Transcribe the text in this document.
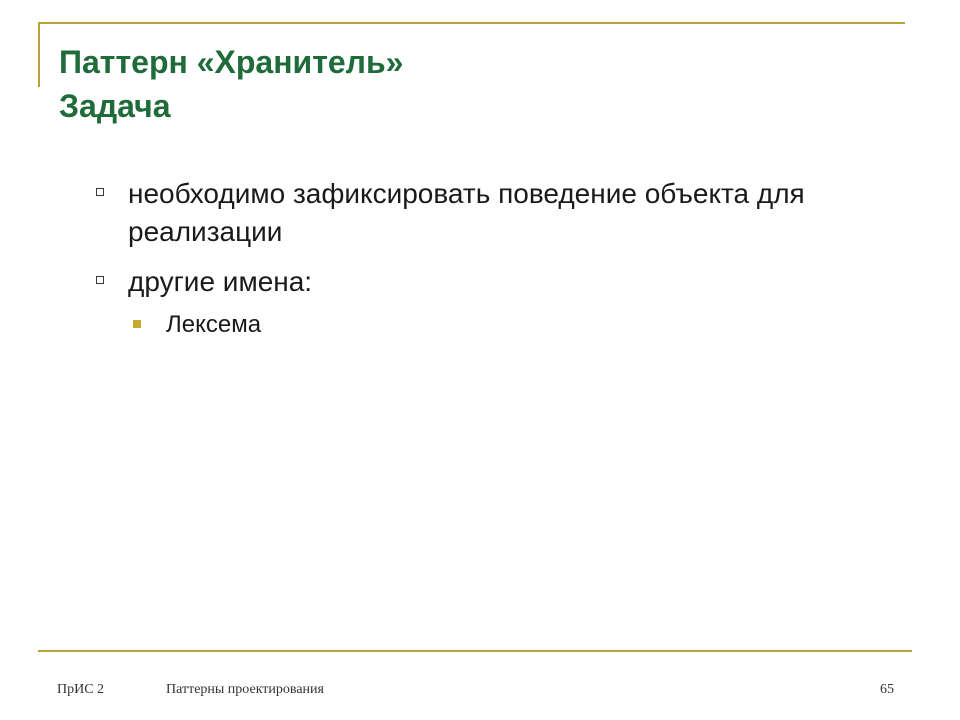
Паттерн «Хранитель»
Задача
необходимо зафиксировать поведение объекта для реализации
другие имена:
Лексема
ПрИС 2	Паттерны проектирования	65
